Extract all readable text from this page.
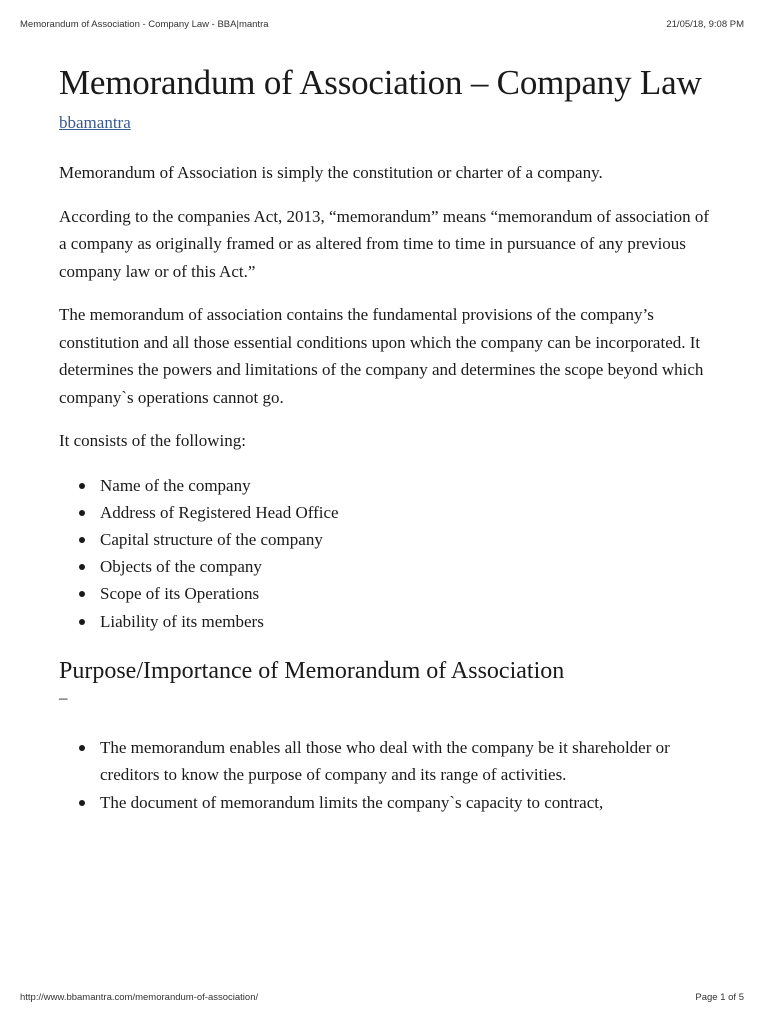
Memorandum of Association - Company Law - BBA|mantra	21/05/18, 9:08 PM
Memorandum of Association – Company Law
bbamantra

Memorandum of Association is simply the constitution or charter of a company.

According to the companies Act, 2013, “memorandum” means “memorandum of association of a company as originally framed or as altered from time to time in pursuance of any previous company law or of this Act.”

The memorandum of association contains the fundamental provisions of the company’s constitution and all those essential conditions upon which the company can be incorporated. It determines the powers and limitations of the company and determines the scope beyond which company`s operations cannot go.

It consists of the following:

Name of the company
Address of Registered Head Office
Capital structure of the company
Objects of the company
Scope of its Operations
Liability of its members
Purpose/Importance of Memorandum of Association
–
The memorandum enables all those who deal with the company be it shareholder or creditors to know the purpose of company and its range of activities.
The document of memorandum limits the company`s capacity to contract,
http://www.bbamantra.com/memorandum-of-association/	Page 1 of 5
